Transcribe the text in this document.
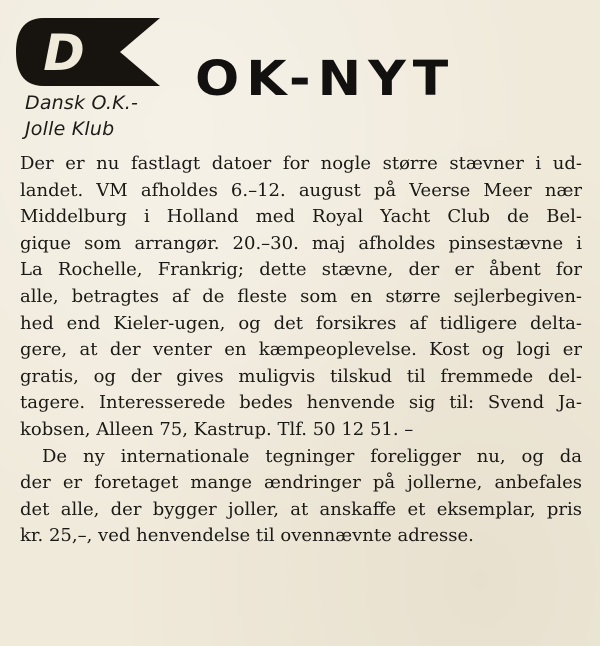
D
Dansk O.K.-
Jolle Klub
OK-NYT
Der er nu fastlagt datoer for nogle større stævner i ud-
landet. VM afholdes 6.–12. august på Veerse Meer nær
Middelburg i Holland med Royal Yacht Club de Bel-
gique som arrangør. 20.–30. maj afholdes pinsestævne i
La Rochelle, Frankrig; dette stævne, der er åbent for
alle, betragtes af de fleste som en større sejlerbegiven-
hed end Kieler-ugen, og det forsikres af tidligere delta-
gere, at der venter en kæmpeoplevelse. Kost og logi er
gratis, og der gives muligvis tilskud til fremmede del-
tagere. Interesserede bedes henvende sig til: Svend Ja-
kobsen, Alleen 75, Kastrup. Tlf. 50 12 51. –
De ny internationale tegninger foreligger nu, og da
der er foretaget mange ændringer på jollerne, anbefales
det alle, der bygger joller, at anskaffe et eksemplar, pris
kr. 25,–, ved henvendelse til ovennævnte adresse.
